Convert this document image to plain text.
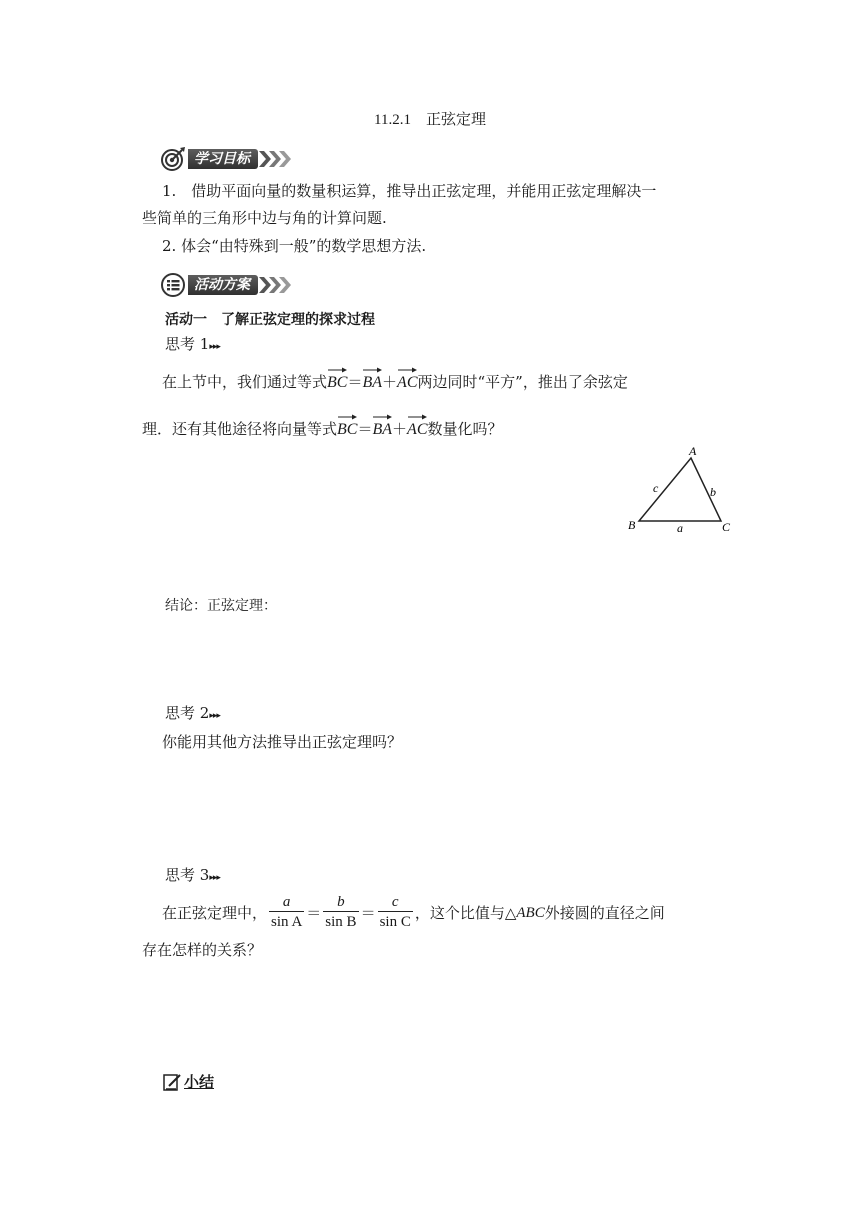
11.2.1　正弦定理
学习目标
1.　借助平面向量的数量积运算，推导出正弦定理，并能用正弦定理解决一
些简单的三角形中边与角的计算问题.
2. 体会“由特殊到一般”的数学思想方法.
活动方案
活动一　了解正弦定理的探求过程
思考 1▸▸▸
在上节中，我们通过等式
BC＝
BA＋
AC两边同时“平方”，推出了余弦定
理．还有其他途径将向量等式
BC＝
BA＋
AC数量化吗？
A
B	C
a
b
c
结论：正弦定理：
思考 2▸▸▸
你能用其他方法推导出正弦定理吗？
思考 3▸▸▸
在正弦定理中， $\frac{a}{\text{sin A}} = \frac{b}{\text{sin B}} = \frac{c}{\text{sin C}}$ ，这个比值与△ ABC 外接圆的直径之间
存在怎样的关系？
小结
